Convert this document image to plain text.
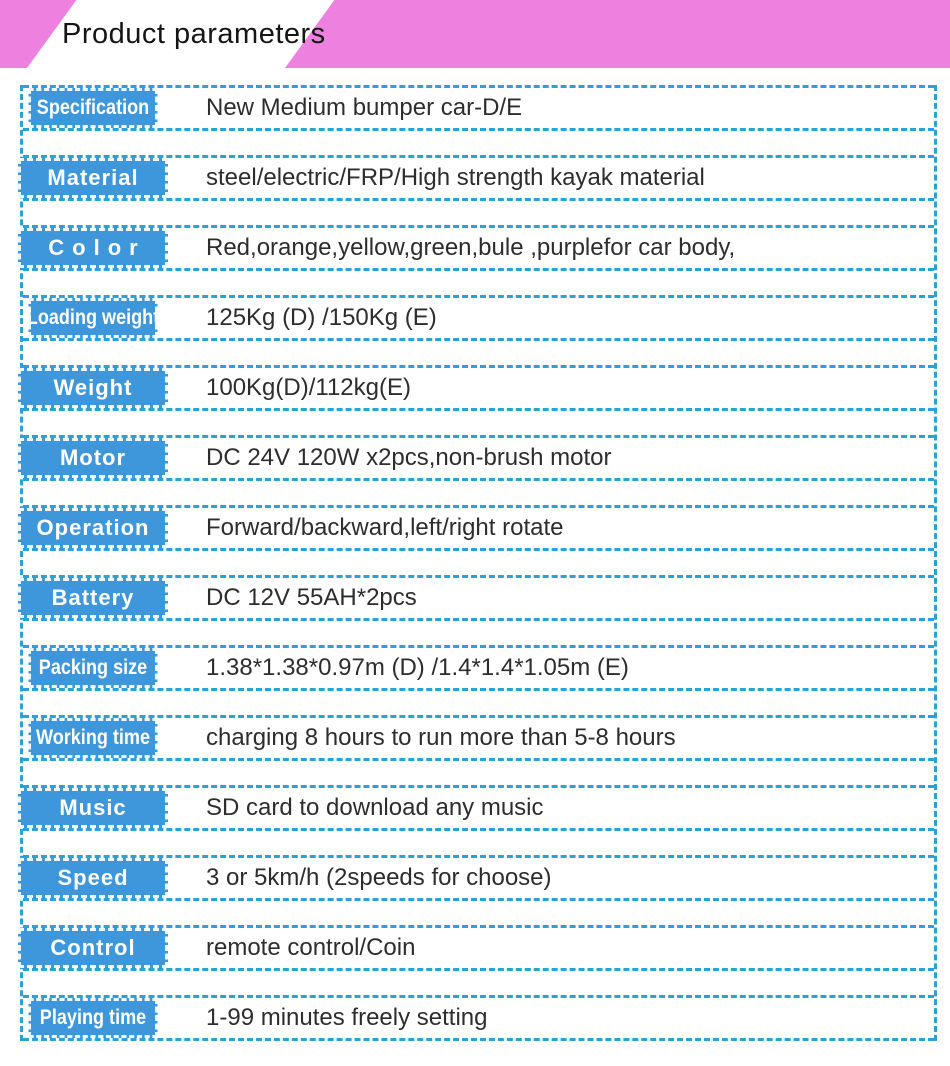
Product parameters
Specification	New Medium bumper car-D/E
Material	steel/electric/FRP/High strength kayak material
Color	Red,orange,yellow,green,bule ,purplefor car body,
Loading weight 125Kg (D) /150Kg (E)
Weight	100Kg(D)/112kg(E)
Motor	DC 24V 120W x2pcs,non-brush motor
Operation	Forward/backward,left/right rotate
Battery	DC 12V 55AH*2pcs
Packing size	1.38*1.38*0.97m (D) /1.4*1.4*1.05m (E)
Working time	charging 8 hours to run more than 5-8 hours
Music	SD card to download any music
Speed	3 or 5km/h (2speeds for choose)
Control	remote control/Coin
Playing time	1-99 minutes freely setting
